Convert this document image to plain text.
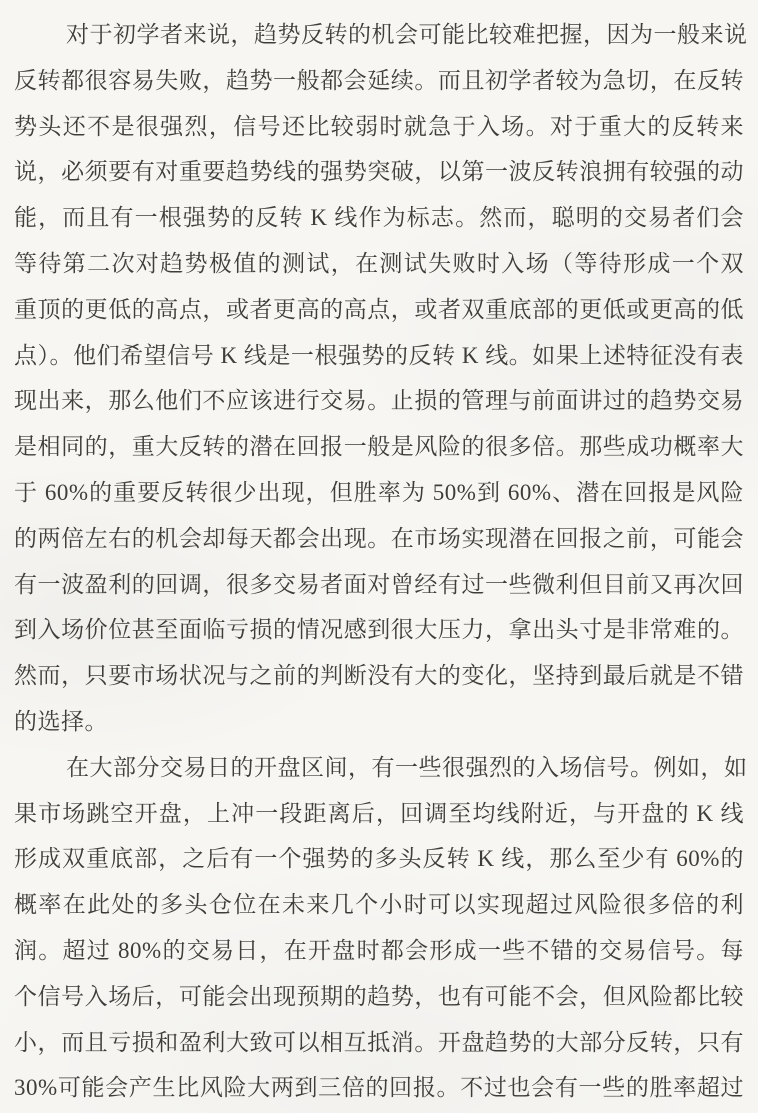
对于初学者来说，趋势反转的机会可能比较难把握，因为一般来说
反转都很容易失败，趋势一般都会延续。而且初学者较为急切，在反转
势头还不是很强烈，信号还比较弱时就急于入场。对于重大的反转来
说，必须要有对重要趋势线的强势突破，以第一波反转浪拥有较强的动
能，而且有一根强势的反转 K 线作为标志。然而，聪明的交易者们会
等待第二次对趋势极值的测试，在测试失败时入场（等待形成一个双
重顶的更低的高点，或者更高的高点，或者双重底部的更低或更高的低
点）。他们希望信号 K 线是一根强势的反转 K 线。如果上述特征没有表
现出来，那么他们不应该进行交易。止损的管理与前面讲过的趋势交易
是相同的，重大反转的潜在回报一般是风险的很多倍。那些成功概率大
于 60%的重要反转很少出现，但胜率为 50%到 60%、潜在回报是风险
的两倍左右的机会却每天都会出现。在市场实现潜在回报之前，可能会
有一波盈利的回调，很多交易者面对曾经有过一些微利但目前又再次回
到入场价位甚至面临亏损的情况感到很大压力，拿出头寸是非常难的。
然而，只要市场状况与之前的判断没有大的变化，坚持到最后就是不错
的选择。
在大部分交易日的开盘区间，有一些很强烈的入场信号。例如，如
果市场跳空开盘，上冲一段距离后，回调至均线附近，与开盘的 K 线
形成双重底部，之后有一个强势的多头反转 K 线，那么至少有 60%的
概率在此处的多头仓位在未来几个小时可以实现超过风险很多倍的利
润。超过 80%的交易日，在开盘时都会形成一些不错的交易信号。每
个信号入场后，可能会出现预期的趋势，也有可能不会，但风险都比较
小，而且亏损和盈利大致可以相互抵消。开盘趋势的大部分反转，只有
30%可能会产生比风险大两到三倍的回报。不过也会有一些的胜率超过
